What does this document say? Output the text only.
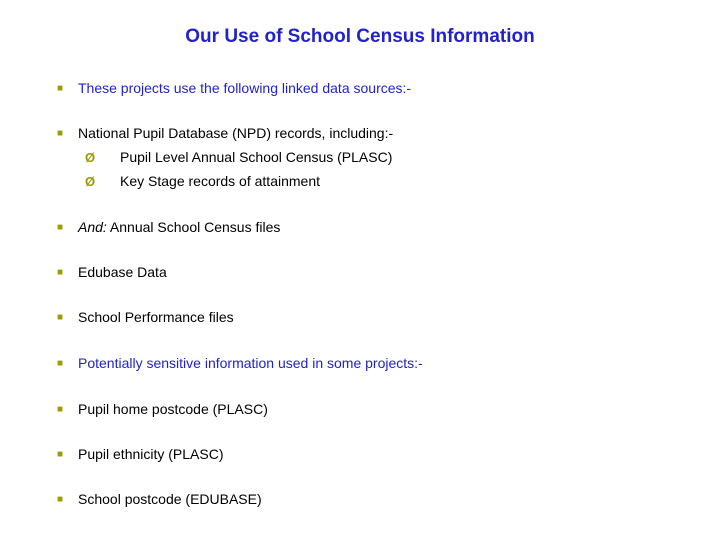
Our Use of School Census Information
■	These projects use the following linked data sources:-
■	National Pupil Database (NPD) records, including:-
Ø	Pupil Level Annual School Census (PLASC)
Ø	Key Stage records of attainment
■	And: Annual School Census files
■	Edubase Data
■	School Performance files
■	Potentially sensitive information used in some projects:-
■	Pupil home postcode (PLASC)
■	Pupil ethnicity (PLASC)
■	School postcode (EDUBASE)
